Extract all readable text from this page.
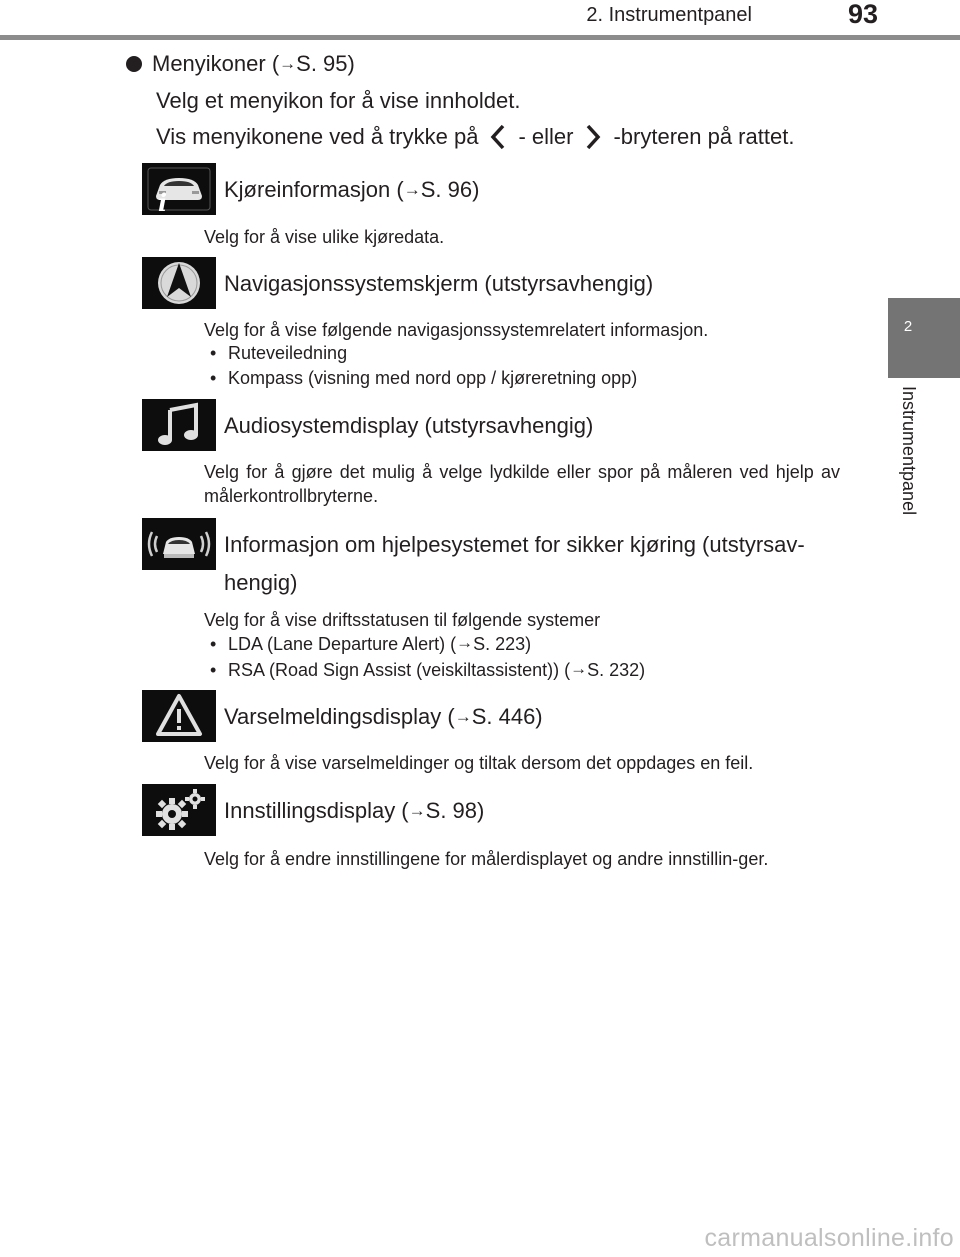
2. Instrumentpanel	93
2
Instrumentpanel
Menyikoner (→S. 95)
Velg et menyikon for å vise innholdet.
Vis menyikonene ved å trykke på - eller -bryteren på rattet.
i	Kjøreinformasjon (→S. 96)
Velg for å vise ulike kjøredata.
Navigasjonssystemskjerm (utstyrsavhengig)
Velg for å vise følgende navigasjonssystemrelatert informasjon.
• Ruteveiledning
• Kompass (visning med nord opp / kjøreretning opp)
Audiosystemdisplay (utstyrsavhengig)
Velg for å gjøre det mulig å velge lydkilde eller spor på måleren ved hjelp av målerkontrollbryterne.
Informasjon om hjelpesystemet for sikker kjøring (utstyrsav-
hengig)
Velg for å vise driftsstatusen til følgende systemer
• LDA (Lane Departure Alert) (→S. 223)
• RSA (Road Sign Assist (veiskiltassistent)) (→S. 232)
Varselmeldingsdisplay (→S. 446)
Velg for å vise varselmeldinger og tiltak dersom det oppdages en feil.
Innstillingsdisplay (→S. 98)
Velg for å endre innstillingene for målerdisplayet og andre innstillin-ger.
carmanualsonline.info
